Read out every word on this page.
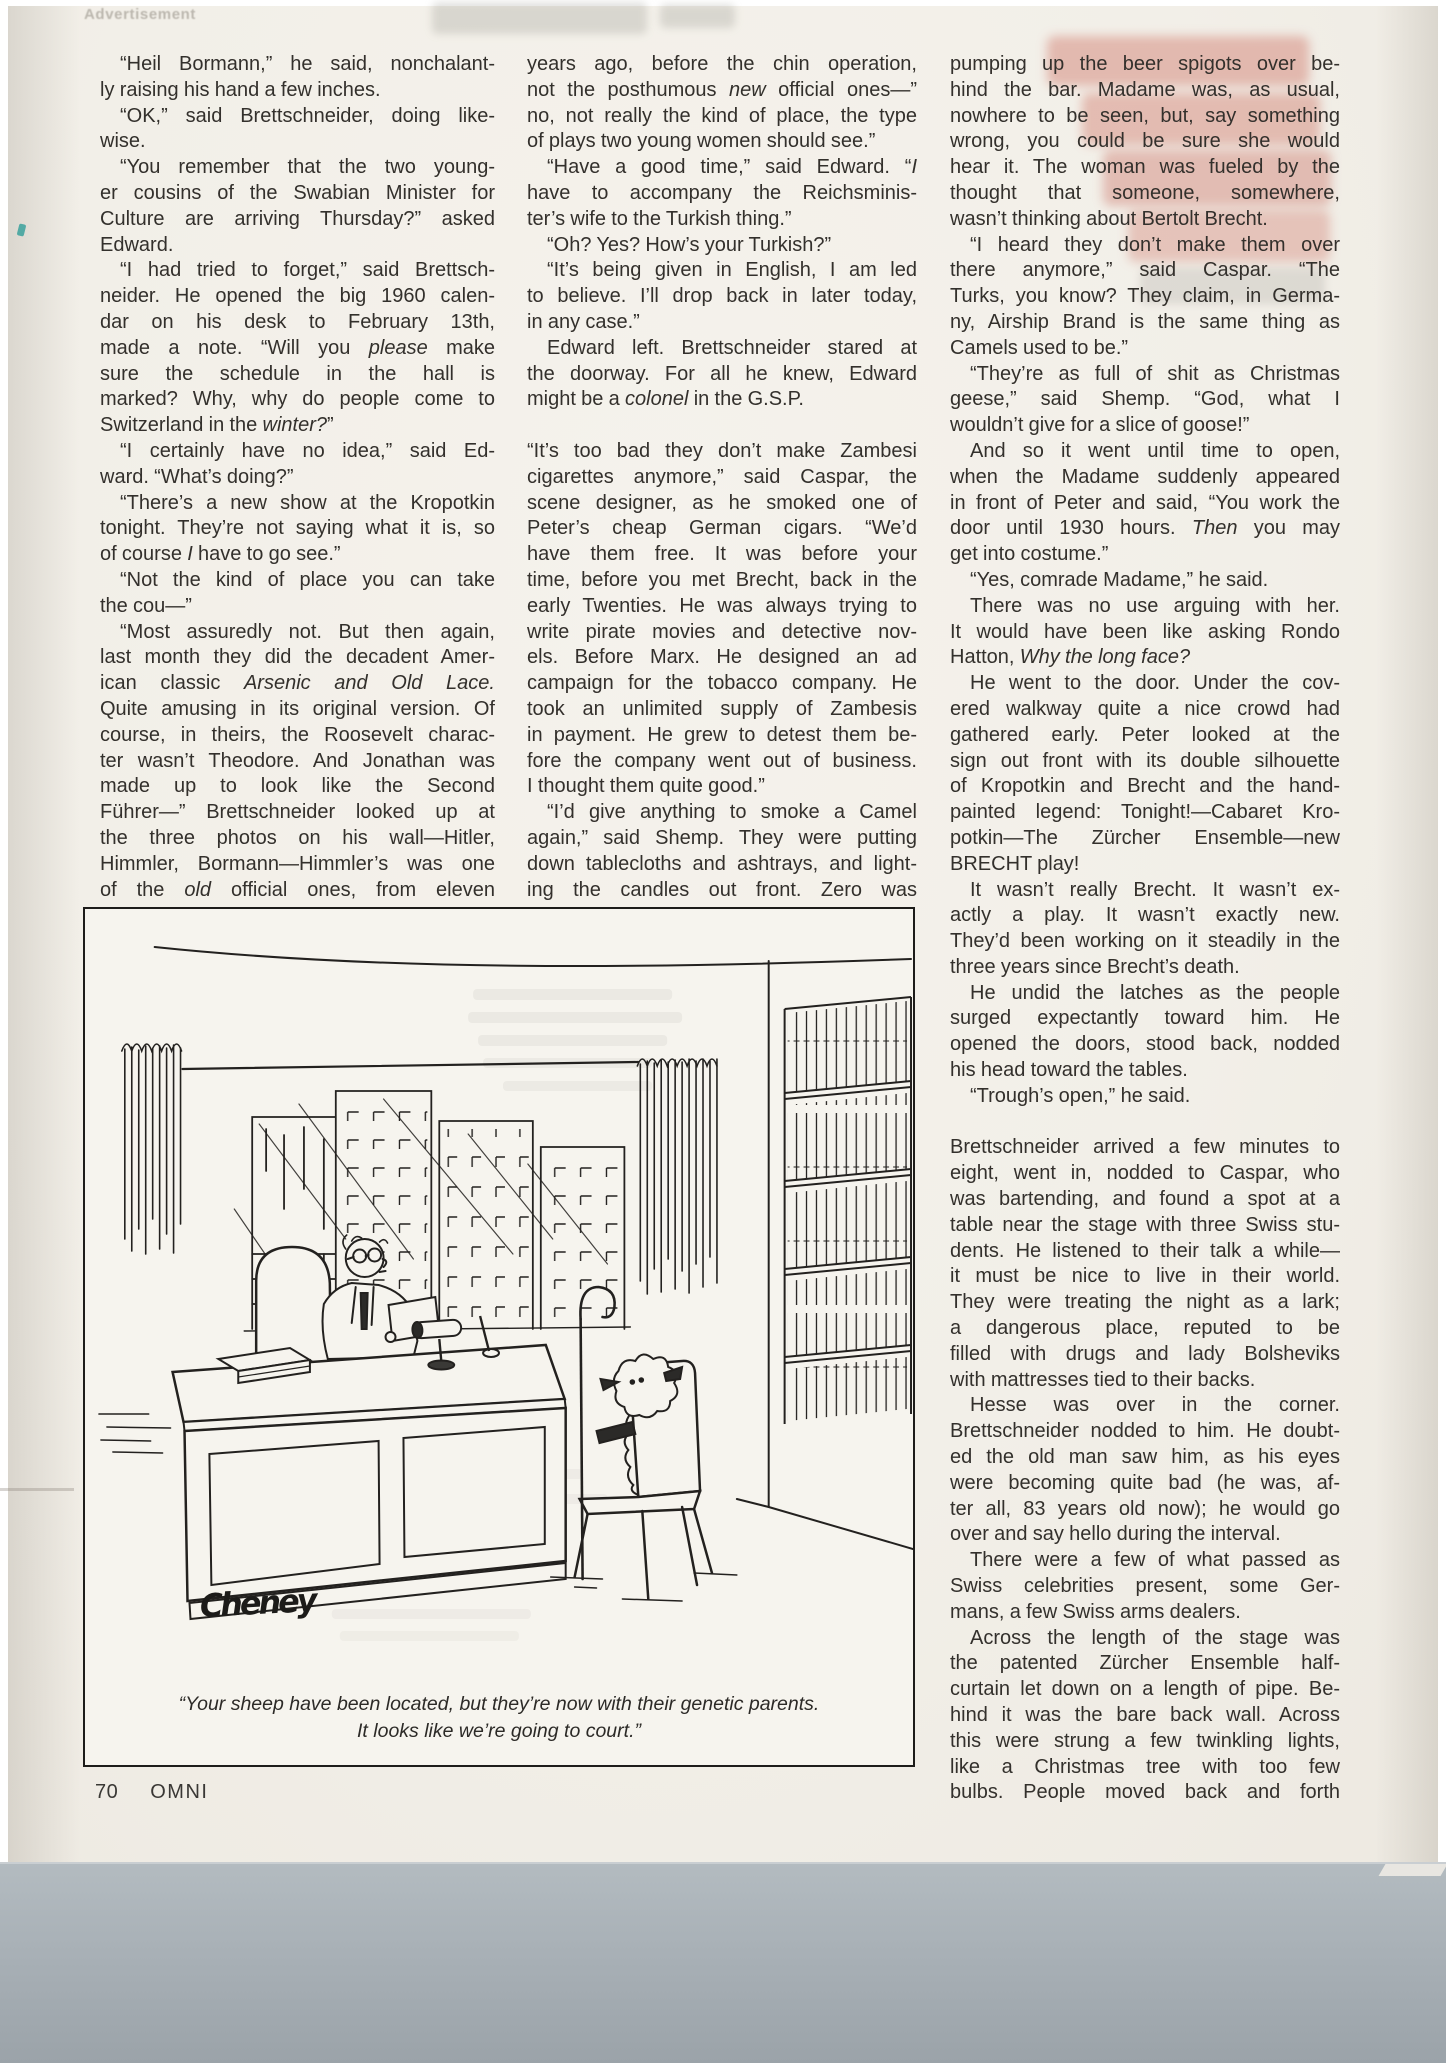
Advertisement
“Heil Bormann,” he said, nonchalant-
ly raising his hand a few inches.
“OK,” said Brettschneider, doing like-
wise.
“You remember that the two young-
er cousins of the Swabian Minister for
Culture are arriving Thursday?” asked
Edward.
“I had tried to forget,” said Brettsch-
neider. He opened the big 1960 calen-
dar on his desk to February 13th,
made a note. “Will you please make
sure the schedule in the hall is
marked? Why, why do people come to
Switzerland in the winter?”
“I certainly have no idea,” said Ed-
ward. “What’s doing?”
“There’s a new show at the Kropotkin
tonight. They’re not saying what it is, so
of course I have to go see.”
“Not the kind of place you can take
the cou—”
“Most assuredly not. But then again,
last month they did the decadent Amer-
ican classic Arsenic and Old Lace.
Quite amusing in its original version. Of
course, in theirs, the Roosevelt charac-
ter wasn’t Theodore. And Jonathan was
made up to look like the Second
Führer—” Brettschneider looked up at
the three photos on his wall—Hitler,
Himmler, Bormann—Himmler’s was one
of the old official ones, from eleven
years ago, before the chin operation,
not the posthumous new official ones—”
no, not really the kind of place, the type
of plays two young women should see.”
“Have a good time,” said Edward. “I
have to accompany the Reichsminis-
ter’s wife to the Turkish thing.”
“Oh? Yes? How’s your Turkish?”
“It’s being given in English, I am led
to believe. I’ll drop back in later today,
in any case.”
Edward left. Brettschneider stared at
the doorway. For all he knew, Edward
might be a colonel in the G.S.P.
“It’s too bad they don’t make Zambesi
cigarettes anymore,” said Caspar, the
scene designer, as he smoked one of
Peter’s cheap German cigars. “We’d
have them free. It was before your
time, before you met Brecht, back in the
early Twenties. He was always trying to
write pirate movies and detective nov-
els. Before Marx. He designed an ad
campaign for the tobacco company. He
took an unlimited supply of Zambesis
in payment. He grew to detest them be-
fore the company went out of business.
I thought them quite good.”
“I’d give anything to smoke a Camel
again,” said Shemp. They were putting
down tablecloths and ashtrays, and light-
ing the candles out front. Zero was
pumping up the beer spigots over be-
hind the bar. Madame was, as usual,
nowhere to be seen, but, say something
wrong, you could be sure she would
hear it. The woman was fueled by the
thought that someone, somewhere,
wasn’t thinking about Bertolt Brecht.
“I heard they don’t make them over
there anymore,” said Caspar. “The
Turks, you know? They claim, in Germa-
ny, Airship Brand is the same thing as
Camels used to be.”
“They’re as full of shit as Christmas
geese,” said Shemp. “God, what I
wouldn’t give for a slice of goose!”
And so it went until time to open,
when the Madame suddenly appeared
in front of Peter and said, “You work the
door until 1930 hours. Then you may
get into costume.”
“Yes, comrade Madame,” he said.
There was no use arguing with her.
It would have been like asking Rondo
Hatton, Why the long face?
He went to the door. Under the cov-
ered walkway quite a nice crowd had
gathered early. Peter looked at the
sign out front with its double silhouette
of Kropotkin and Brecht and the hand-
painted legend: Tonight!—Cabaret Kro-
potkin—The Zürcher Ensemble—new
BRECHT play!
It wasn’t really Brecht. It wasn’t ex-
actly a play. It wasn’t exactly new.
They’d been working on it steadily in the
three years since Brecht’s death.
He undid the latches as the people
surged expectantly toward him. He
opened the doors, stood back, nodded
his head toward the tables.
“Trough’s open,” he said.
Brettschneider arrived a few minutes to
eight, went in, nodded to Caspar, who
was bartending, and found a spot at a
table near the stage with three Swiss stu-
dents. He listened to their talk a while—
it must be nice to live in their world.
They were treating the night as a lark;
a dangerous place, reputed to be
filled with drugs and lady Bolsheviks
with mattresses tied to their backs.
Hesse was over in the corner.
Brettschneider nodded to him. He doubt-
ed the old man saw him, as his eyes
were becoming quite bad (he was, af-
ter all, 83 years old now); he would go
over and say hello during the interval.
There were a few of what passed as
Swiss celebrities present, some Ger-
mans, a few Swiss arms dealers.
Across the length of the stage was
the patented Zürcher Ensemble half-
curtain let down on a length of pipe. Be-
hind it was the bare back wall. Across
this were strung a few twinkling lights,
like a Christmas tree with too few
bulbs. People moved back and forth
Cheney
“Your sheep have been located, but they’re now with their genetic parents.
It looks like we’re going to court.”
70 OMNI
